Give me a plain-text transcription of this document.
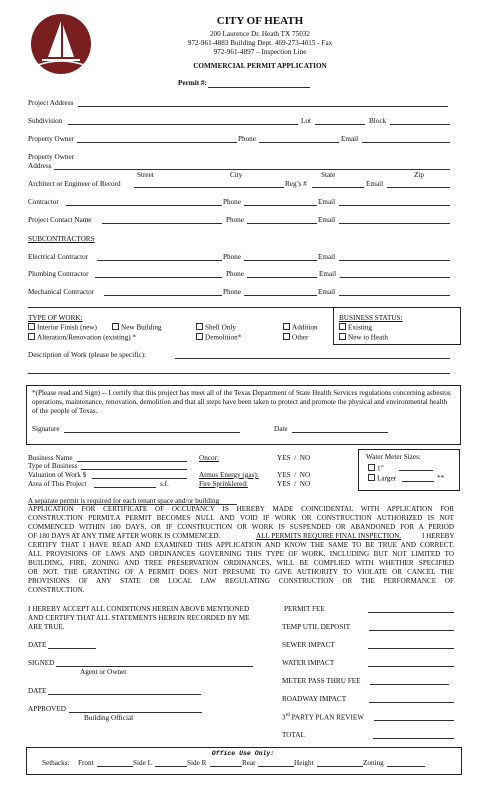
CITY OF HEATH
200 Laurence Dr. Heath TX 75032
972-961-4883 Building Dept. 469-273-4015 - Fax
972-961-4897 – Inspection Line
COMMERCIAL PERMIT APPLICATION
Permit #:
Project Address
Subdivision	Lot	Block
Property Owner	Phone	Email
Property Owner
Address
Street	City	State	Zip
Architect or Engineer of Record	Reg’s #	Email
Contractor	Phone	Email
Project Contact Name	Phone	Email
SUBCONTRACTORS
Electrical Contractor	Phone	Email
Plumbing Contractor	Phone	Email
Mechanical Contractor	Phone	Email
TYPE OF WORK:
Interior Finish (new)	New Building	Shell Only	Addition
Alteration/Renovation (existing) *	Demolition*	Other
BUSINESS STATUS:
Existing
New to Heath
Description of Work (please be specific):
*(Please read and Sign) -- I certify that this project has meet all of the Texas Department of State Health Services regulations concerning asbestos operations, maintenance, renovation, demolition and that all steps have been taken to protect and promote the physical and environmental health of the people of Texas.
Signature	Date
Business Name
Type of Business
Valuation of Work $
Area of This Project	s.f.
Oncor:	YES / NO
Atmos Energy (gas):	YES / NO
Fire Sprinklered:	YES / NO
Water Meter Sizes:
1”
Larger	**
A separate permit is required for each tenant space and/or building
APPLICATION FOR CERTIFICATE OF OCCUPANCY IS HEREBY MADE COINCIDENTAL WITH APPLICATION FOR
CONSTRUCTION PERMIT.A PERMIT BECOMES NULL AND VOID IF WORK OR CONSTRUCTION AUTHORIZED IS NOT
COMMENCED WITHIN 180 DAYS, OR IF CONSTRUCTION OR WORK IS SUSPENDED OR ABANDONED FOR A PERIOD
OF 180 DAYS AT ANY TIME AFTER WORK IS COMMENCED.	ALL PERMITS REQUIRE FINAL INSPECTION.	I HEREBY
CERTIFY THAT I HAVE READ AND EXAMINED THIS APPLICATION AND KNOW THE SAME TO BE TRUE AND CORRECT.
ALL PROVISIONS OF LAWS AND ORDINANCES GOVERNING THIS TYPE OF WORK, INCLUDING BUT NOT LIMITED TO
BUILDING, FIRE, ZONING AND TREE PRESERVATION ORDINANCES, WILL BE COMPLIED WITH WHETHER SPECIFIED
OR NOT. THE GRANTING OF A PERMIT DOES NOT PRESUME TO GIVE AUTHORITY TO VIOLATE OR CANCEL THE
PROVISIONS OF ANY STATE OR LOCAL LAW REGULATING CONSTRUCTION OR THE PERFORMANCE OF
CONSTRUCTION.
I HEREBY ACCEPT ALL CONDITIONS HEREIN ABOVE MENTIONED
AND CERTIFY THAT ALL STATEMENTS HEREIN RECORDED BY ME
ARE TRUE.
DATE
SIGNED
Agent or Owner
DATE
APPROVED
Building Official
PERMIT FEE
TEMP UTIL DEPOSIT
SEWER IMPACT
WATER IMPACT
METER PASS THRU FEE
ROADWAY IMPACT
3rd PARTY PLAN REVIEW
TOTAL
Office Use Only:
Setbacks: Front	Side L	Side R	Rear	Height	Zoning
